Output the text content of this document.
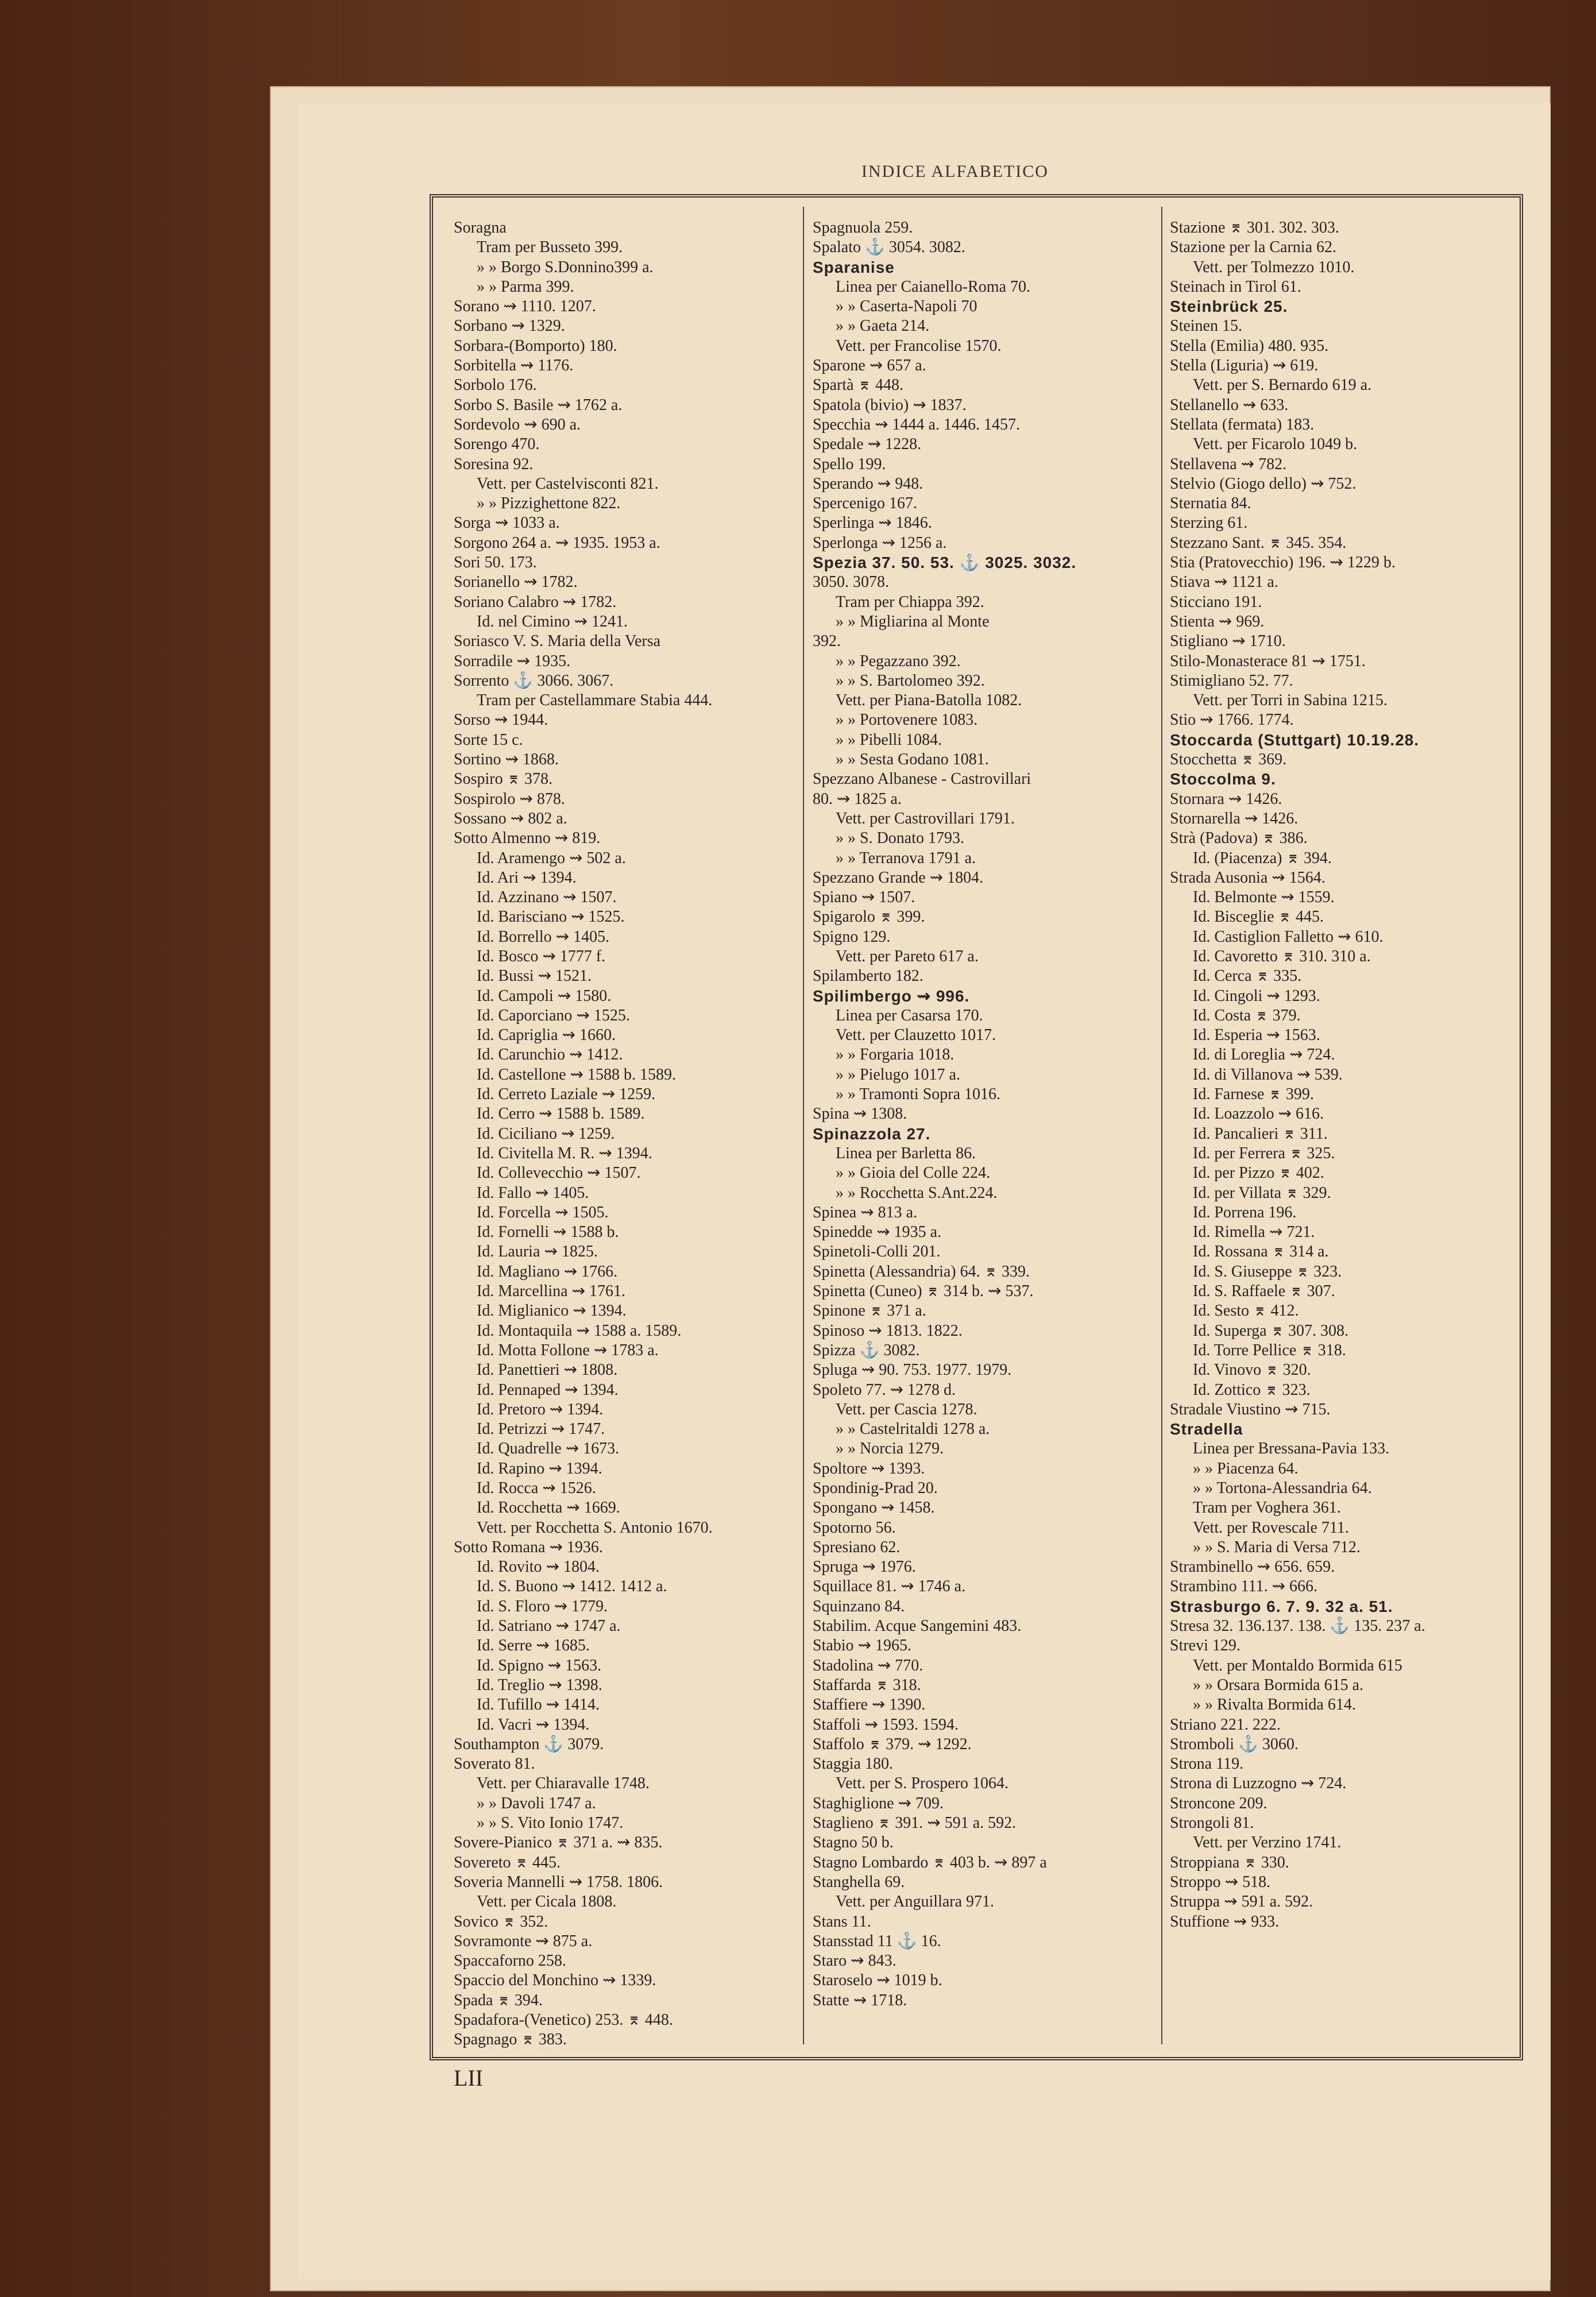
INDICE ALFABETICO
Soragna
Tram per Busseto 399.
» » Borgo S.Donnino399 a.
» » Parma 399.
Sorano ⇝ 1110. 1207.
Sorbano ⇝ 1329.
Sorbara-(Bomporto) 180.
Sorbitella ⇝ 1176.
Sorbolo 176.
Sorbo S. Basile ⇝ 1762 a.
Sordevolo ⇝ 690 a.
Sorengo 470.
Soresina 92.
Vett. per Castelvisconti 821.
» » Pizzighettone 822.
Sorga ⇝ 1033 a.
Sorgono 264 a. ⇝ 1935. 1953 a.
Sori 50. 173.
Sorianello ⇝ 1782.
Soriano Calabro ⇝ 1782.
Id. nel Cimino ⇝ 1241.
Soriasco V. S. Maria della Versa
Sorradile ⇝ 1935.
Sorrento ⚓ 3066. 3067.
Tram per Castellammare Stabia 444.
Sorso ⇝ 1944.
Sorte 15 c.
Sortino ⇝ 1868.
Sospiro ⌆ 378.
Sospirolo ⇝ 878.
Sossano ⇝ 802 a.
Sotto Almenno ⇝ 819.
Id. Aramengo ⇝ 502 a.
Id. Ari ⇝ 1394.
Id. Azzinano ⇝ 1507.
Id. Barisciano ⇝ 1525.
Id. Borrello ⇝ 1405.
Id. Bosco ⇝ 1777 f.
Id. Bussi ⇝ 1521.
Id. Campoli ⇝ 1580.
Id. Caporciano ⇝ 1525.
Id. Capriglia ⇝ 1660.
Id. Carunchio ⇝ 1412.
Id. Castellone ⇝ 1588 b. 1589.
Id. Cerreto Laziale ⇝ 1259.
Id. Cerro ⇝ 1588 b. 1589.
Id. Ciciliano ⇝ 1259.
Id. Civitella M. R. ⇝ 1394.
Id. Collevecchio ⇝ 1507.
Id. Fallo ⇝ 1405.
Id. Forcella ⇝ 1505.
Id. Fornelli ⇝ 1588 b.
Id. Lauria ⇝ 1825.
Id. Magliano ⇝ 1766.
Id. Marcellina ⇝ 1761.
Id. Miglianico ⇝ 1394.
Id. Montaquila ⇝ 1588 a. 1589.
Id. Motta Follone ⇝ 1783 a.
Id. Panettieri ⇝ 1808.
Id. Pennaped ⇝ 1394.
Id. Pretoro ⇝ 1394.
Id. Petrizzi ⇝ 1747.
Id. Quadrelle ⇝ 1673.
Id. Rapino ⇝ 1394.
Id. Rocca ⇝ 1526.
Id. Rocchetta ⇝ 1669.
Vett. per Rocchetta S. Antonio 1670.
Sotto Romana ⇝ 1936.
Id. Rovito ⇝ 1804.
Id. S. Buono ⇝ 1412. 1412 a.
Id. S. Floro ⇝ 1779.
Id. Satriano ⇝ 1747 a.
Id. Serre ⇝ 1685.
Id. Spigno ⇝ 1563.
Id. Treglio ⇝ 1398.
Id. Tufillo ⇝ 1414.
Id. Vacri ⇝ 1394.
Southampton ⚓ 3079.
Soverato 81.
Vett. per Chiaravalle 1748.
» » Davoli 1747 a.
» » S. Vito Ionio 1747.
Sovere-Pianico ⌆ 371 a. ⇝ 835.
Sovereto ⌆ 445.
Soveria Mannelli ⇝ 1758. 1806.
Vett. per Cicala 1808.
Sovico ⌆ 352.
Sovramonte ⇝ 875 a.
Spaccaforno 258.
Spaccio del Monchino ⇝ 1339.
Spada ⌆ 394.
Spadafora-(Venetico) 253. ⌆ 448.
Spagnago ⌆ 383.
Spagnuola 259.
Spalato ⚓ 3054. 3082.
Sparanise
Linea per Caianello-Roma 70.
» » Caserta-Napoli 70
» » Gaeta 214.
Vett. per Francolise 1570.
Sparone ⇝ 657 a.
Spartà ⌆ 448.
Spatola (bivio) ⇝ 1837.
Specchia ⇝ 1444 a. 1446. 1457.
Spedale ⇝ 1228.
Spello 199.
Sperando ⇝ 948.
Spercenigo 167.
Sperlinga ⇝ 1846.
Sperlonga ⇝ 1256 a.
Spezia 37. 50. 53. ⚓ 3025. 3032.
3050. 3078.
Tram per Chiappa 392.
» » Migliarina al Monte
392.
» » Pegazzano 392.
» » S. Bartolomeo 392.
Vett. per Piana-Batolla 1082.
» » Portovenere 1083.
» » Pibelli 1084.
» » Sesta Godano 1081.
Spezzano Albanese - Castrovillari
80. ⇝ 1825 a.
Vett. per Castrovillari 1791.
» » S. Donato 1793.
» » Terranova 1791 a.
Spezzano Grande ⇝ 1804.
Spiano ⇝ 1507.
Spigarolo ⌆ 399.
Spigno 129.
Vett. per Pareto 617 a.
Spilamberto 182.
Spilimbergo ⇝ 996.
Linea per Casarsa 170.
Vett. per Clauzetto 1017.
» » Forgaria 1018.
» » Pielugo 1017 a.
» » Tramonti Sopra 1016.
Spina ⇝ 1308.
Spinazzola 27.
Linea per Barletta 86.
» » Gioia del Colle 224.
» » Rocchetta S.Ant.224.
Spinea ⇝ 813 a.
Spinedde ⇝ 1935 a.
Spinetoli-Colli 201.
Spinetta (Alessandria) 64. ⌆ 339.
Spinetta (Cuneo) ⌆ 314 b. ⇝ 537.
Spinone ⌆ 371 a.
Spinoso ⇝ 1813. 1822.
Spizza ⚓ 3082.
Spluga ⇝ 90. 753. 1977. 1979.
Spoleto 77. ⇝ 1278 d.
Vett. per Cascia 1278.
» » Castelritaldi 1278 a.
» » Norcia 1279.
Spoltore ⇝ 1393.
Spondinig-Prad 20.
Spongano ⇝ 1458.
Spotorno 56.
Spresiano 62.
Spruga ⇝ 1976.
Squillace 81. ⇝ 1746 a.
Squinzano 84.
Stabilim. Acque Sangemini 483.
Stabio ⇝ 1965.
Stadolina ⇝ 770.
Staffarda ⌆ 318.
Staffiere ⇝ 1390.
Staffoli ⇝ 1593. 1594.
Staffolo ⌆ 379. ⇝ 1292.
Staggia 180.
Vett. per S. Prospero 1064.
Staghiglione ⇝ 709.
Staglieno ⌆ 391. ⇝ 591 a. 592.
Stagno 50 b.
Stagno Lombardo ⌆ 403 b. ⇝ 897 a
Stanghella 69.
Vett. per Anguillara 971.
Stans 11.
Stansstad 11 ⚓ 16.
Staro ⇝ 843.
Staroselo ⇝ 1019 b.
Statte ⇝ 1718.
Stazione ⌆ 301. 302. 303.
Stazione per la Carnia 62.
Vett. per Tolmezzo 1010.
Steinach in Tirol 61.
Steinbrück 25.
Steinen 15.
Stella (Emilia) 480. 935.
Stella (Liguria) ⇝ 619.
Vett. per S. Bernardo 619 a.
Stellanello ⇝ 633.
Stellata (fermata) 183.
Vett. per Ficarolo 1049 b.
Stellavena ⇝ 782.
Stelvio (Giogo dello) ⇝ 752.
Sternatia 84.
Sterzing 61.
Stezzano Sant. ⌆ 345. 354.
Stia (Pratovecchio) 196. ⇝ 1229 b.
Stiava ⇝ 1121 a.
Sticciano 191.
Stienta ⇝ 969.
Stigliano ⇝ 1710.
Stilo-Monasterace 81 ⇝ 1751.
Stimigliano 52. 77.
Vett. per Torri in Sabina 1215.
Stio ⇝ 1766. 1774.
Stoccarda (Stuttgart) 10.19.28.
Stocchetta ⌆ 369.
Stoccolma 9.
Stornara ⇝ 1426.
Stornarella ⇝ 1426.
Strà (Padova) ⌆ 386.
Id. (Piacenza) ⌆ 394.
Strada Ausonia ⇝ 1564.
Id. Belmonte ⇝ 1559.
Id. Bisceglie ⌆ 445.
Id. Castiglion Falletto ⇝ 610.
Id. Cavoretto ⌆ 310. 310 a.
Id. Cerca ⌆ 335.
Id. Cingoli ⇝ 1293.
Id. Costa ⌆ 379.
Id. Esperia ⇝ 1563.
Id. di Loreglia ⇝ 724.
Id. di Villanova ⇝ 539.
Id. Farnese ⌆ 399.
Id. Loazzolo ⇝ 616.
Id. Pancalieri ⌆ 311.
Id. per Ferrera ⌆ 325.
Id. per Pizzo ⌆ 402.
Id. per Villata ⌆ 329.
Id. Porrena 196.
Id. Rimella ⇝ 721.
Id. Rossana ⌆ 314 a.
Id. S. Giuseppe ⌆ 323.
Id. S. Raffaele ⌆ 307.
Id. Sesto ⌆ 412.
Id. Superga ⌆ 307. 308.
Id. Torre Pellice ⌆ 318.
Id. Vinovo ⌆ 320.
Id. Zottico ⌆ 323.
Stradale Viustino ⇝ 715.
Stradella
Linea per Bressana-Pavia 133.
» » Piacenza 64.
» » Tortona-Alessandria 64.
Tram per Voghera 361.
Vett. per Rovescale 711.
» » S. Maria di Versa 712.
Strambinello ⇝ 656. 659.
Strambino 111. ⇝ 666.
Strasburgo 6. 7. 9. 32 a. 51.
Stresa 32. 136.137. 138. ⚓ 135. 237 a.
Strevi 129.
Vett. per Montaldo Bormida 615
» » Orsara Bormida 615 a.
» » Rivalta Bormida 614.
Striano 221. 222.
Stromboli ⚓ 3060.
Strona 119.
Strona di Luzzogno ⇝ 724.
Stroncone 209.
Strongoli 81.
Vett. per Verzino 1741.
Stroppiana ⌆ 330.
Stroppo ⇝ 518.
Struppa ⇝ 591 a. 592.
Stuffione ⇝ 933.
LII
